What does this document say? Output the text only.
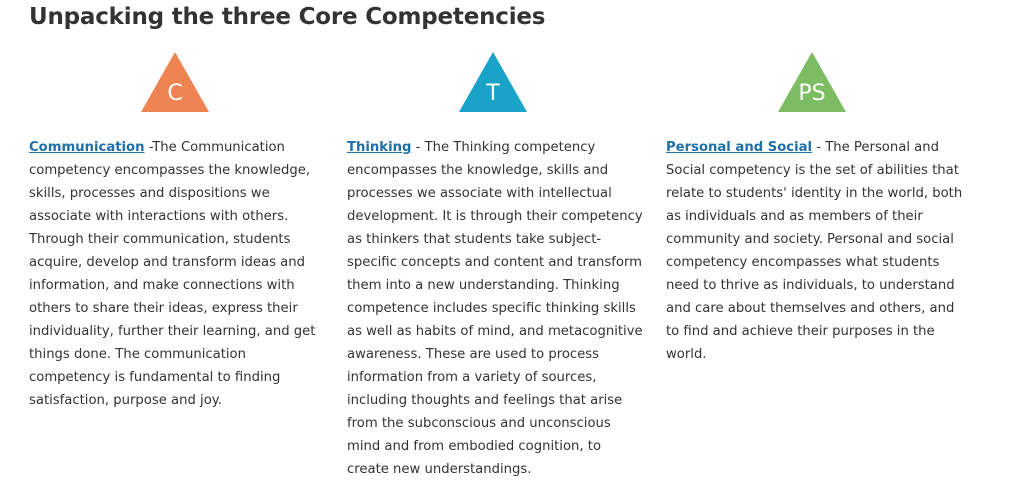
Unpacking the three Core Competencies
C

Communication -The Communication competency encompasses the knowledge, skills, processes and dispositions we associate with interactions with others. Through their communication, students acquire, develop and transform ideas and information, and make connections with others to share their ideas, express their individuality, further their learning, and get things done. The communication competency is fundamental to finding satisfaction, purpose and joy.

T

Thinking - The Thinking competency encompasses the knowledge, skills and processes we associate with intellectual development. It is through their competency as thinkers that students take subject-specific concepts and content and transform them into a new understanding. Thinking competence includes specific thinking skills as well as habits of mind, and metacognitive awareness. These are used to process information from a variety of sources, including thoughts and feelings that arise from the subconscious and unconscious mind and from embodied cognition, to create new understandings.

PS

Personal and Social - The Personal and Social competency is the set of abilities that relate to students' identity in the world, both as individuals and as members of their community and society. Personal and social competency encompasses what students need to thrive as individuals, to understand and care about themselves and others, and to find and achieve their purposes in the world.
